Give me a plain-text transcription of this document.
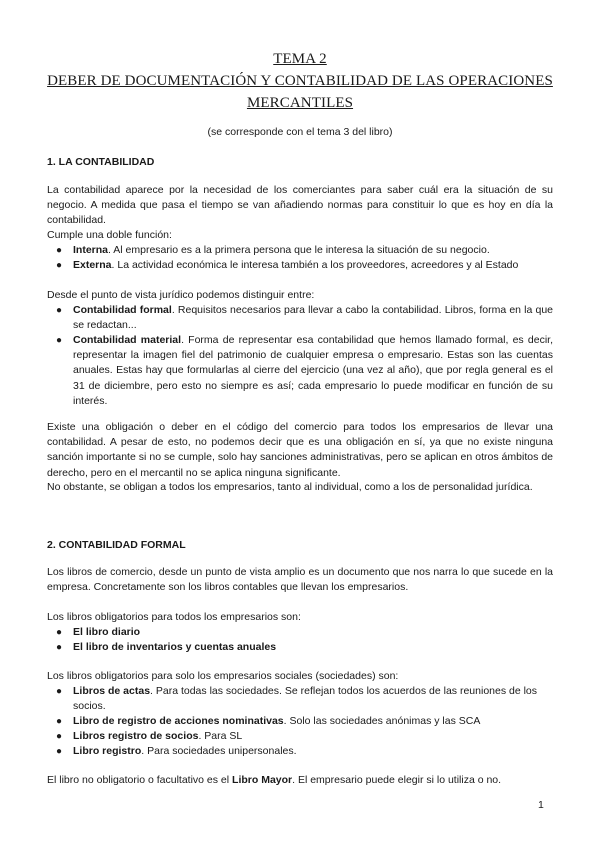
TEMA 2
DEBER DE DOCUMENTACIÓN Y CONTABILIDAD DE LAS OPERACIONES
MERCANTILES
(se corresponde con el tema 3 del libro)
1. LA CONTABILIDAD
La contabilidad aparece por la necesidad de los comerciantes para saber cuál era la situación de su negocio. A medida que pasa el tiempo se van añadiendo normas para constituir lo que es hoy en día la contabilidad.
Cumple una doble función:
● Interna. Al empresario es a la primera persona que le interesa la situación de su negocio.
● Externa. La actividad económica le interesa también a los proveedores, acreedores y al Estado
Desde el punto de vista jurídico podemos distinguir entre:
● Contabilidad formal. Requisitos necesarios para llevar a cabo la contabilidad. Libros, forma en la que se redactan...
● Contabilidad material. Forma de representar esa contabilidad que hemos llamado formal, es decir, representar la imagen fiel del patrimonio de cualquier empresa o empresario. Estas son las cuentas anuales. Estas hay que formularlas al cierre del ejercicio (una vez al año), que por regla general es el 31 de diciembre, pero esto no siempre es así; cada empresario lo puede modificar en función de su interés.
Existe una obligación o deber en el código del comercio para todos los empresarios de llevar una contabilidad. A pesar de esto, no podemos decir que es una obligación en sí, ya que no existe ninguna sanción importante si no se cumple, solo hay sanciones administrativas, pero se aplican en otros ámbitos de derecho, pero en el mercantil no se aplica ninguna significante.
No obstante, se obligan a todos los empresarios, tanto al individual, como a los de personalidad jurídica.
2. CONTABILIDAD FORMAL
Los libros de comercio, desde un punto de vista amplio es un documento que nos narra lo que sucede en la empresa. Concretamente son los libros contables que llevan los empresarios.
Los libros obligatorios para todos los empresarios son:
● El libro diario
● El libro de inventarios y cuentas anuales
Los libros obligatorios para solo los empresarios sociales (sociedades) son:
● Libros de actas. Para todas las sociedades. Se reflejan todos los acuerdos de las reuniones de los socios.
● Libro de registro de acciones nominativas. Solo las sociedades anónimas y las SCA
● Libros registro de socios. Para SL
● Libro registro. Para sociedades unipersonales.
El libro no obligatorio o facultativo es el Libro Mayor. El empresario puede elegir si lo utiliza o no.
1
